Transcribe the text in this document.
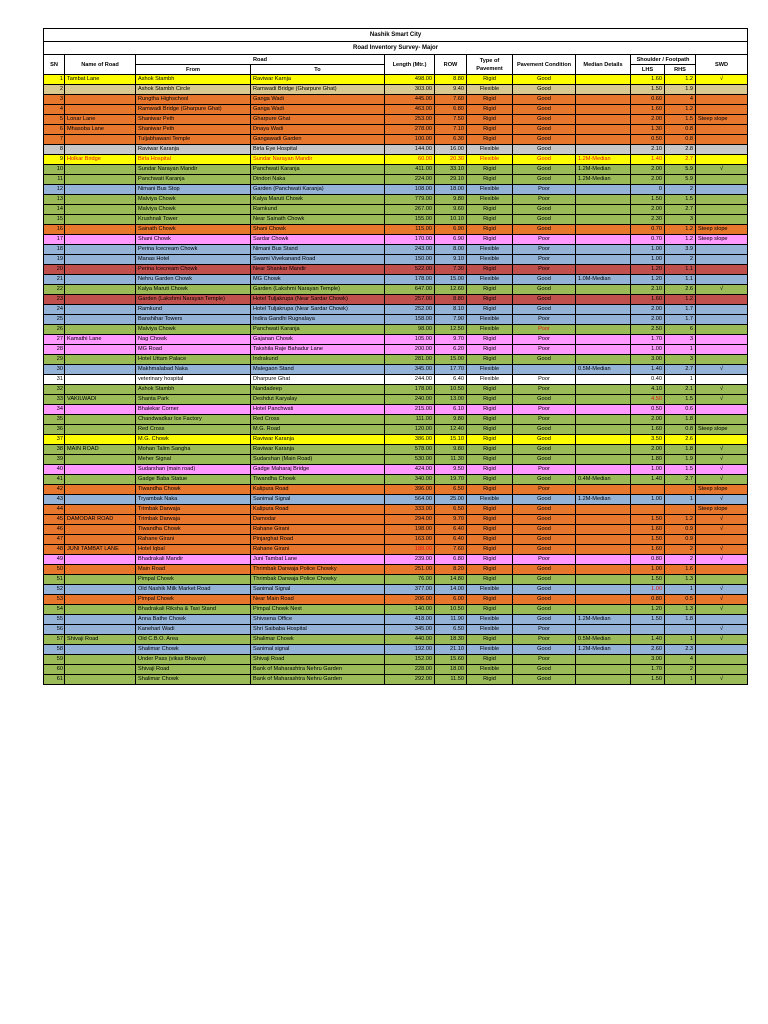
Nashik Smart City											
Road Inventory Survey- Major											
SN	Name of Road	Road		Length (Mtr.)	ROW	Type of Pavement	Pavement Condition	Median Details	Shoulder / Footpath		SWD
		From	To								
									LHS	RHS	
1	Tambat Lane	Ashok Stambh	Raviwar Karnja	498.00	8.80	Rigid	Good		1.60	1.2	√
2		Ashok Stambh Circle	Ramwadi Bridge (Gharpure Ghat)	303.00	9.40	Flexible	Good		1.50	1.9	
3		Rungtha Highschool	Ganga Wadi	445.00	7.60	Rigid	Good		0.60	4	
4		Ramwadi Bridge (Gharpure Ghat)	Ganga Wadi	463.00	6.80	Rigid	Good		1.60	1.2	
5	Lonar Lane	Shaniwar Peth	Gharpure Ghat	253.00	7.50	Rigid	Good		2.00	1.5	Steep slope
6	Mhasoba Lane	Shaniwar Peth	Dnaya Wadi	278.00	7.10	Rigid	Good		1.30	0.8	
7		Tuljabhawani Temple	Gangawadi Garden	100.00	6.30	Rigid	Good		0.50	0.8	
8		Raviwar Karanja	Birla Eye Hospital	144.00	16.00	Flexible	Good		2.10	2.8	
9	Holkar Bridge	Birla Hospital	Sundar Narayan Mandir	60.00	20.30	Flexible	Good	1.2M-Median	1.40	2.7	
10		Sundar Narayan Mandir	Panchwati Karanja	411.00	33.10	Rigid	Good	1.2M-Median	2.00	5.9	√
11		Panchwati Karanja	Dindori Naka	224.00	29.10	Rigid	Good	1.2M-Median	2.00	5.9	
12		Nimani Bus Stop	Garden (Panchwati Karanja)	108.00	18.00	Flexible	Poor		0	2	
13		Malviya Chowk	Kalya Maruti Chowk	779.00	9.80	Flexible	Poor		1.50	1.5	
14		Malviya Chowk	Ramkund	267.00	9.60	Rigid	Good		2.00	2.7	
15		Krushnali Tower	Near Sainath Chowk	155.00	10.10	Rigid	Good		2.30	3	
16		Sainath Chowk	Shani Chowk	115.00	6.90	Rigid	Good		0.70	1.2	Steep slope
17		Shani Chowk	Sardar Chowk	170.00	6.90	Rigid	Poor		0.70	1.2	Steep slope
18		Perina Icecream Chowk	Nimani Bus Stand	243.00	8.00	Flexible	Poor		1.00	3.9	
19		Manas Hotel	Swami Vivekanand Road	150.00	9.10	Flexible	Poor		1.00	2	
20		Perina Icecream Chowk	Near Shankar Mandir	522.00	7.30	Rigid	Poor		1.20	1.1	
21		Nehru Garden Chowk	MG Chowk	178.00	15.00	Flexible	Good	1.0M-Median	1.20	1.1	
22		Kalya Maruti Chowk	Garden (Lakshmi Narayan Temple)	647.00	12.60	Rigid	Good		2.10	2.6	√
23		Garden (Lakshmi Narayan Temple)	Hotel Tuljakrupa (Near Sardar Chowk)	257.00	8.80	Rigid	Good		1.60	1.2	
24		Ramkund	Hotel Tuljakrupa (Near Sardar Chowk)	252.00	8.10	Rigid	Good		2.00	1.7	
25		Banshihar Towers	Indira Gandhi Rugnalaya	158.00	7.90	Flexible	Poor		2.00	1.7	
26		Malviya Chowk	Panchwati Karanja	98.00	12.50	Flexible	Poor		2.50	6	
27	Kamathi Lane	Nag Chowk	Gajanan Chowk	105.00	9.70	Rigid	Poor		1.70	3	
28		MG Road	Takshila Raje Bahadur Lane	200.00	6.20	Rigid	Poor		1.00	1	
29		Hotel Uttam Palace	Indrakund	281.00	15.00	Rigid	Good		3.00	3	
30		Makhmalabad Naka	Malegaon Stand	345.00	17.70	Flexible		0.5M-Median	1.40	2.7	√
31		veterinary hospital	Dharpure Ghat	244.00	6.40	Flexible	Poor		0.40	1	
32		Ashok Stambh	Nandadeep	178.00	10.50	Rigid	Poor		4.10	2.1	√
33	VAKILWADI	Shanta Park	Deshdut Karyalay	240.00	13.00	Rigid	Good		4.50	1.5	√
34		Bhalekar Corner	Hotel Panchwati	215.00	6.10	Rigid	Poor		0.50	0.6	
35		Chandwadkar Ice Factory	Red Cross	111.00	9.80	Rigid	Poor		2.00	1.8	
36		Red Cross	M.G. Road	120.00	12.40	Rigid	Good		1.60	0.8	Steep slope
37		M.G. Chowk	Raviwar Karanja	386.00	15.10	Rigid	Good		3.50	2.6	
38	MAIN ROAD	Mohan Talim Sangha	Raviwar Karanja	578.00	9.80	Rigid	Good		2.00	1.8	√
39		Meher Signal	Sudarshan (Main Road)	530.00	11.30	Rigid	Good		1.80	1.9	√
40		Sudarshan (main road)	Gadge Maharaj Bridge	424.00	9.50	Rigid	Poor		1.00	1.5	√
41		Gadge Baba Statue	Tiwandha Chowk	340.00	19.70	Rigid	Good	0.4M-Median	1.40	2.7	√
42		Tiwandha Chowk	Kalipura Road	396.00	6.50	Rigid	Poor				Steep slope
43		Tryambak Naka	Sanimal Signal	564.00	25.00	Flexible	Good	1.2M-Median	1.00	1	√
44		Trimbak Darwaja	Kalipura Road	333.00	6.50	Rigid	Good				Steep slope
45	DAMODAR ROAD	Trimbak Darwaja	Damodar	294.00	9.70	Rigid	Good		1.50	1.2	√
46		Tiwandha Chowk	Rahane Girani	198.00	6.40	Rigid	Good		1.60	0.9	√
47		Rahane Girani	Pinjarghat Road	163.00	6.40	Rigid	Good		1.50	0.9	
48	JUNI TAMBAT LANE	Hotel Iqbal	Rahane Girani	188.00	7.60	Rigid	Good		1.60	2	√
49		Bhadrakali Mandir	Juni Tambat Lane	239.00	6.80	Rigid	Poor		0.80	2	√
50		Main Road	Thrimbak Darwaja Police Chowky	251.00	8.20	Rigid	Good		1.00	1.6	
51		Pimpal Chowk	Thrimbak Darwaja Police Chowky	76.00	14.80	Rigid	Good		1.50	1.3	
52		Old Nashik Milk Market Road	Sanimal Signal	377.00	14.00	Flexible	Good		1.00	1	√
53		Pimpal Chowk	Near Main Road	206.00	6.00	Rigid	Good		0.80	0.5	√
54		Bhadrakali Riksha & Taxi Stand	Pimpal Chowk Next	140.00	10.50	Rigid	Good		1.20	1.3	√
55		Anna Bathe Chowk	Shivsena Office	418.00	11.90	Flexible	Good	1.2M-Median	1.50	1.8	
56		Kanehari Wadi	Shri Saibaba Hospital	345.00	6.50	Flexible	Poor				√
57	Shivaji Road	Old C.B.O. Area	Shalimar Chowk	440.00	18.30	Rigid	Poor	0.5M-Median	1.40	1	√
58		Shalimar Chowk	Sanimal signal	192.00	21.10	Flexible	Good	1.2M-Median	2.60	2.3	
59		Under Pass (vikas Bhavan)	Shivaji Road	152.00	15.60	Rigid	Poor		3.00	4	
60		Shivaji Road	Bank of Maharashtra Nehru Garden	228.00	18.00	Flexible	Good		1.70	2	
61		Shalimar Chowk	Bank of Maharashtra Nehru Garden	292.00	11.50	Rigid	Good		1.50	1	√
